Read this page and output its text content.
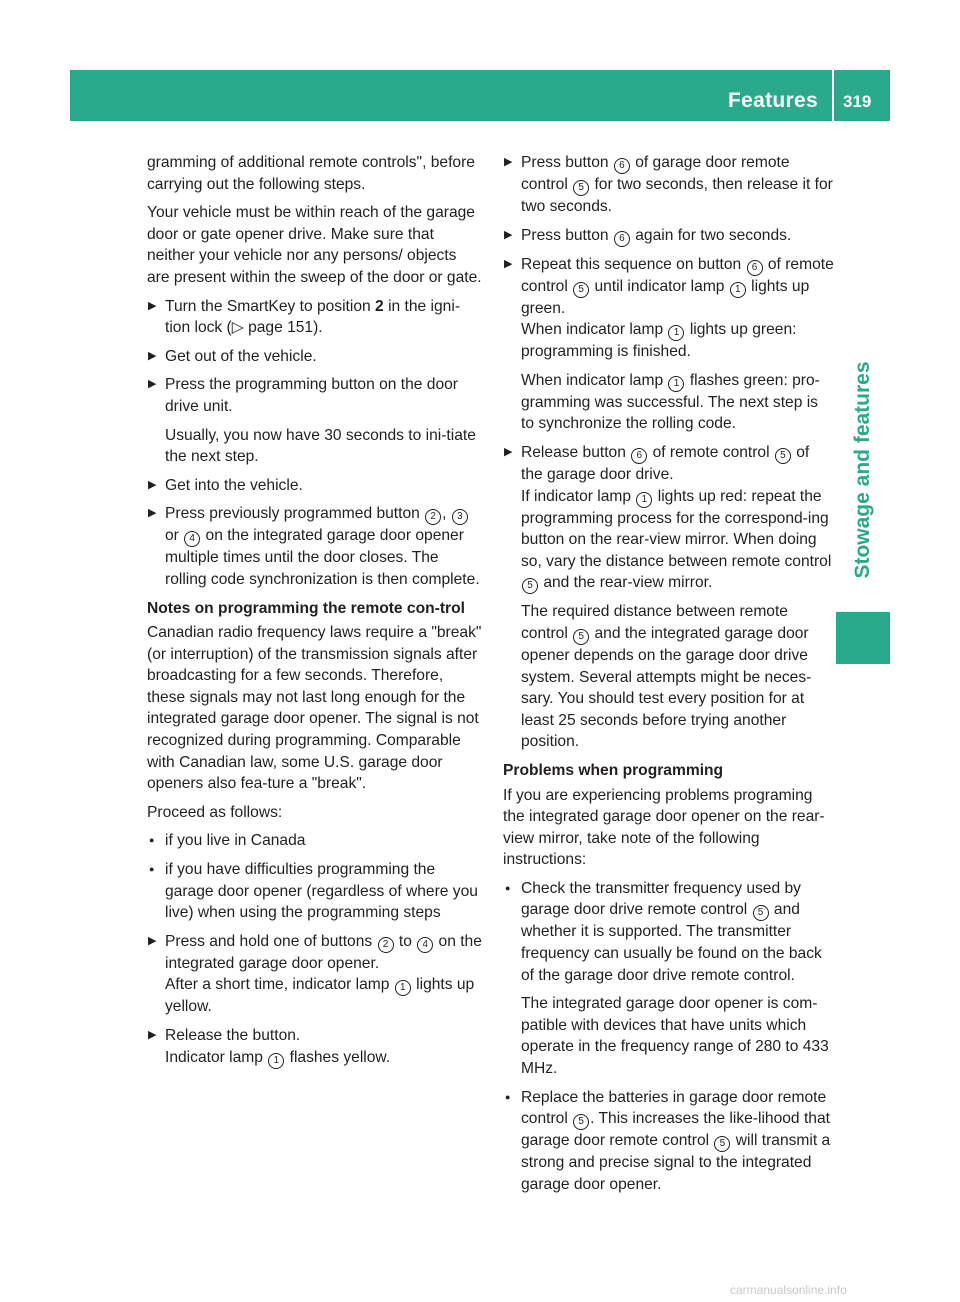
Features 319
Stowage and features

gramming of additional remote controls", before carrying out the following steps.

Your vehicle must be within reach of the garage door or gate opener drive. Make sure that neither your vehicle nor any persons/ objects are present within the sweep of the door or gate.

▶ Turn the SmartKey to position 2 in the igni-tion lock (▷ page 151).
▶ Get out of the vehicle.
▶ Press the programming button on the door drive unit.
Usually, you now have 30 seconds to ini-tiate the next step.
▶ Get into the vehicle.
▶ Press previously programmed button 2 , 3 or 4 on the integrated garage door opener multiple times until the door closes. The rolling code synchronization is then complete.

Notes on programming the remote con-trol

Canadian radio frequency laws require a "break" (or interruption) of the transmission signals after broadcasting for a few seconds. Therefore, these signals may not last long enough for the integrated garage door opener. The signal is not recognized during programming. Comparable with Canadian law, some U.S. garage door openers also fea-ture a "break".

Proceed as follows:

● if you live in Canada
● if you have difficulties programming the garage door opener (regardless of where you live) when using the programming steps
▶ Press and hold one of buttons 2 to 4 on the integrated garage door opener.
After a short time, indicator lamp 1 lights up yellow.
▶ Release the button.
Indicator lamp 1 flashes yellow.
▶ Press button 6 of garage door remote control 5 for two seconds, then release it for two seconds.
▶ Press button 6 again for two seconds.
▶ Repeat this sequence on button 6 of remote control 5 until indicator lamp 1 lights up green.
When indicator lamp 1 lights up green: programming is finished.
When indicator lamp 1 flashes green: pro-gramming was successful. The next step is to synchronize the rolling code.
▶ Release button 6 of remote control 5 of the garage door drive.
If indicator lamp 1 lights up red: repeat the programming process for the correspond-ing button on the rear-view mirror. When doing so, vary the distance between remote control 5 and the rear-view mirror.
The required distance between remote control 5 and the integrated garage door opener depends on the garage door drive system. Several attempts might be neces-sary. You should test every position for at least 25 seconds before trying another position.

Problems when programming

If you are experiencing problems programing the integrated garage door opener on the rear-view mirror, take note of the following instructions:

● Check the transmitter frequency used by garage door drive remote control 5 and whether it is supported. The transmitter frequency can usually be found on the back of the garage door drive remote control.
The integrated garage door opener is com-patible with devices that have units which operate in the frequency range of 280 to 433 MHz.
● Replace the batteries in garage door remote control 5 . This increases the like-lihood that garage door remote control 5 will transmit a strong and precise signal to the integrated garage door opener.
carmanualsonline.info
